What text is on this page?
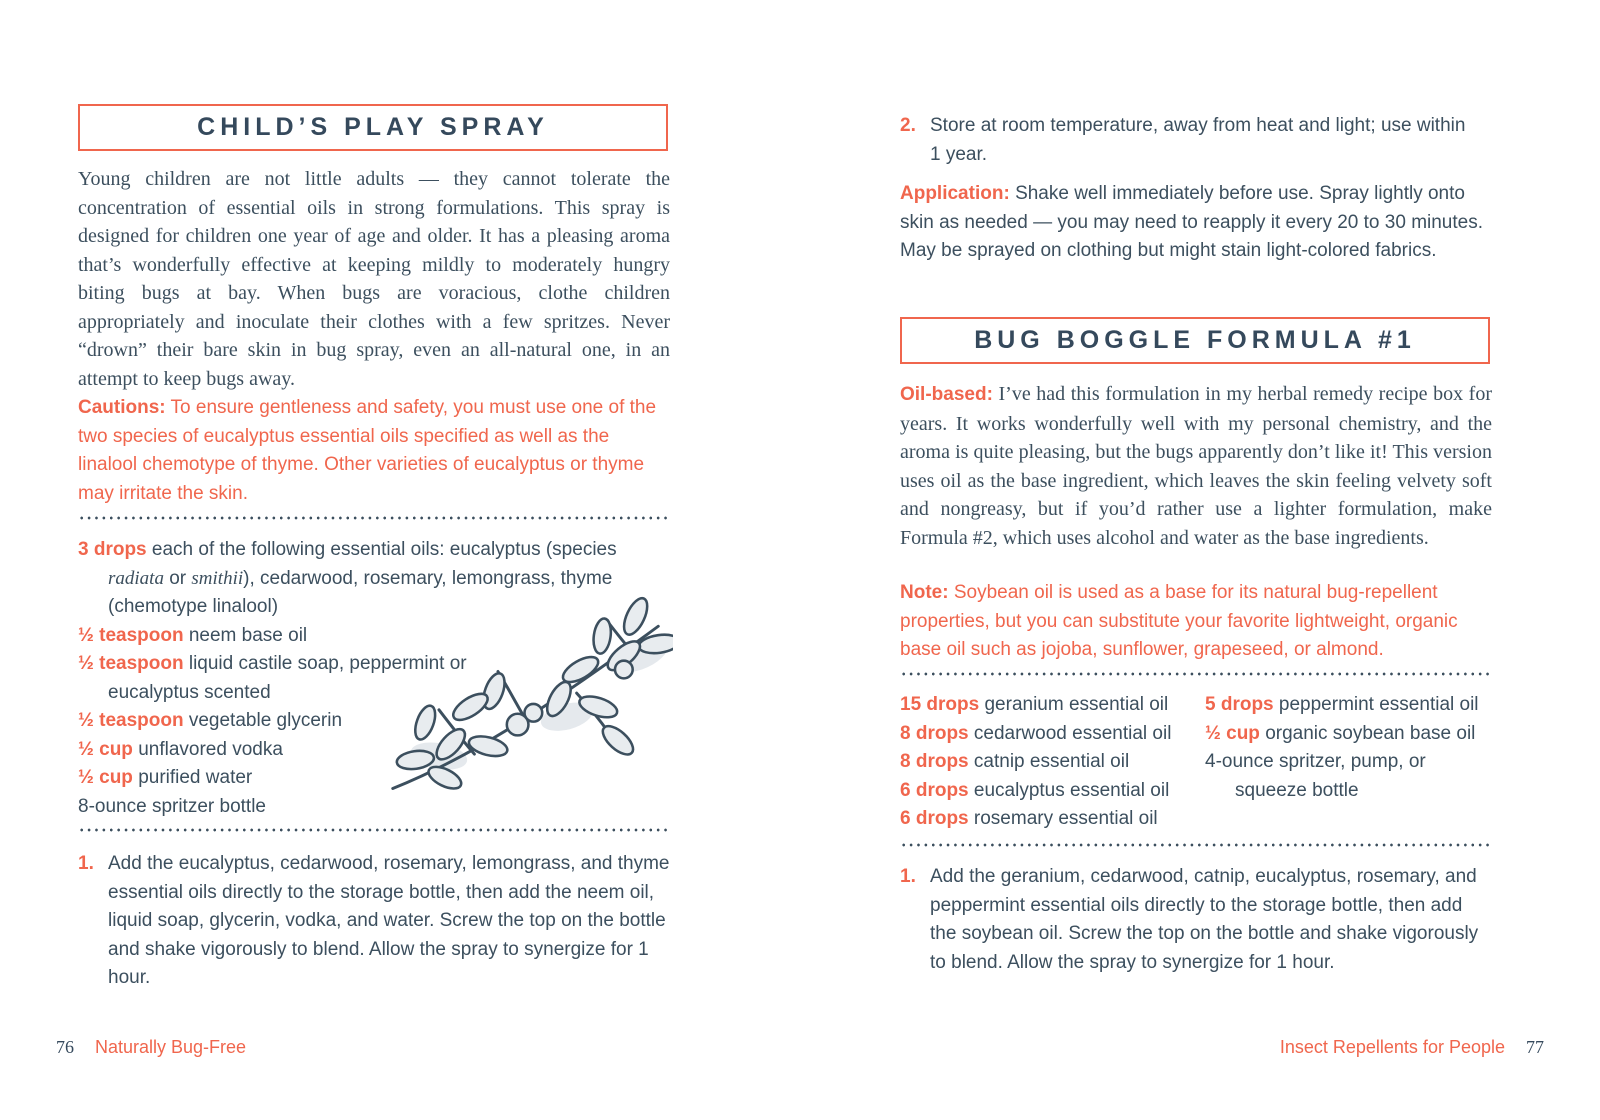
CHILD’S PLAY SPRAY
Young children are not little adults — they cannot tolerate the concentration of essential oils in strong formulations. This spray is designed for children one year of age and older. It has a pleasing aroma that’s wonderfully effective at keeping mildly to moderately hungry biting bugs at bay. When bugs are voracious, clothe children appropriately and inoculate their clothes with a few spritzes. Never “drown” their bare skin in bug spray, even an all-natural one, in an attempt to keep bugs away.
Cautions: To ensure gentleness and safety, you must use one of the two species of eucalyptus essential oils specified as well as the linalool chemotype of thyme. Other varieties of eucalyptus or thyme may irritate the skin.
3 drops each of the following essential oils: eucalyptus (species radiata or smithii), cedarwood, rosemary, lemongrass, thyme (chemotype linalool)
½ teaspoon neem base oil
½ teaspoon liquid castile soap, peppermint or eucalyptus scented
½ teaspoon vegetable glycerin
½ cup unflavored vodka
½ cup purified water
8-ounce spritzer bottle
1. Add the eucalyptus, cedarwood, rosemary, lemongrass, and thyme essential oils directly to the storage bottle, then add the neem oil, liquid soap, glycerin, vodka, and water. Screw the top on the bottle and shake vigorously to blend. Allow the spray to synergize for 1 hour.
76 Naturally Bug-Free
2. Store at room temperature, away from heat and light; use within 1 year.
Application: Shake well immediately before use. Spray lightly onto skin as needed — you may need to reapply it every 20 to 30 minutes. May be sprayed on clothing but might stain light-colored fabrics.
BUG BOGGLE FORMULA #1
Oil-based: I’ve had this formulation in my herbal remedy recipe box for years. It works wonderfully well with my personal chemistry, and the aroma is quite pleasing, but the bugs apparently don’t like it! This version uses oil as the base ingredient, which leaves the skin feeling velvety soft and nongreasy, but if you’d rather use a lighter formulation, make Formula #2, which uses alcohol and water as the base ingredients.
Note: Soybean oil is used as a base for its natural bug-repellent properties, but you can substitute your favorite lightweight, organic base oil such as jojoba, sunflower, grapeseed, or almond.
15 drops geranium essential oil
8 drops cedarwood essential oil
8 drops catnip essential oil
6 drops eucalyptus essential oil
6 drops rosemary essential oil
5 drops peppermint essential oil
½ cup organic soybean base oil
4-ounce spritzer, pump, or squeeze bottle
1. Add the geranium, cedarwood, catnip, eucalyptus, rosemary, and peppermint essential oils directly to the storage bottle, then add the soybean oil. Screw the top on the bottle and shake vigorously to blend. Allow the spray to synergize for 1 hour.
Insect Repellents for People 77
